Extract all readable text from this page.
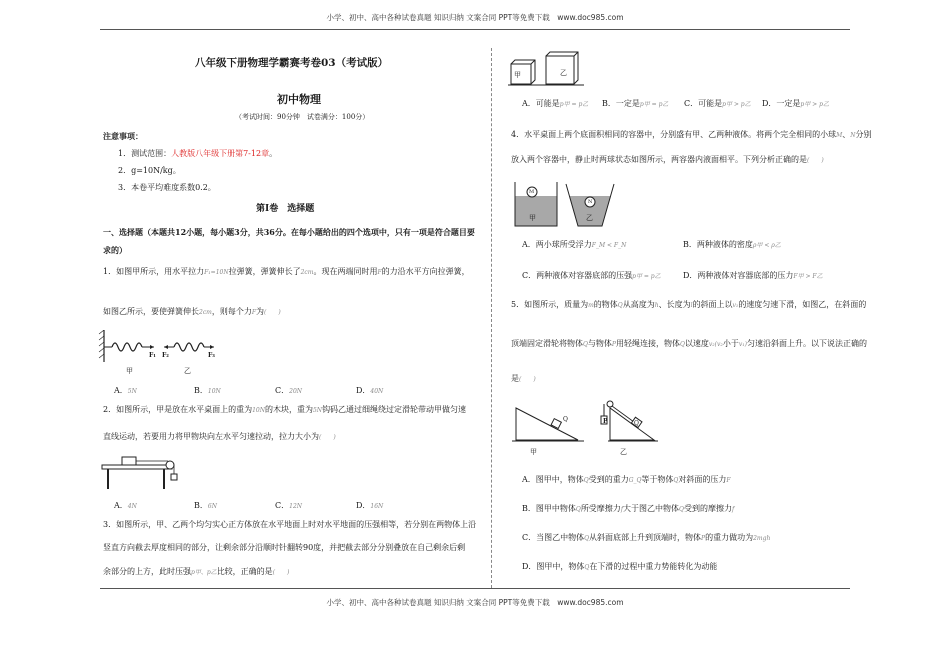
小学、初中、高中各种试卷真题 知识归纳 文案合同 PPT等免费下载　www.doc985.com
小学、初中、高中各种试卷真题 知识归纳 文案合同 PPT等免费下载　www.doc985.com
八年级下册物理学霸赛考卷03（考试版）
初中物理
（考试时间：90分钟　试卷满分：100分）
注意事项：
1．测试范围：人教版八年级下册第7-12章。
2．g=10N/kg。
3．本卷平均难度系数0.2。
第Ⅰ卷　选择题
一、选择题（本题共12小题，每小题3分，共36分。在每小题给出的四个选项中，只有一项是符合题目要
求的）
1．如图甲所示，用水平拉力F₁=10N拉弹簧，弹簧伸长了2cm。现在两端同时用F的力沿水平方向拉弹簧，
如图乙所示，要使弹簧伸长2cm，则每个力F为(　　)
F₁ F₂	F₃
甲	乙
A．5N	B．10N	C．20N	D．40N
2．如图所示，甲是放在水平桌面上的重为10N的木块，重为5N钩码乙通过细绳绕过定滑轮带动甲做匀速
直线运动，若要用力将甲物块向左水平匀速拉动，拉力大小为(　　)
A．4N	B．6N	C．12N	D．16N
3．如图所示，甲、乙两个均匀实心正方体放在水平地面上时对水平地面的压强相等，若分别在两物体上沿
竖直方向截去厚度相同的部分，让剩余部分沿顺时针翻转90度，并把截去部分分别叠放在自己剩余后剩
余部分的上方，此时压强p甲、p乙比较，正确的是(　　)
甲	乙
A．可能是p甲 = p乙 B．一定是p甲 = p乙 C．可能是p甲 > p乙 D．一定是p甲 > p乙
4．水平桌面上两个底面积相同的容器中，分别盛有甲、乙两种液体。将两个完全相同的小球M、N分别
放入两个容器中，静止时两球状态如图所示，两容器内液面相平。下列分析正确的是(　　)
M
N
甲	乙
A．两小球所受浮力F_M < F_N	B．两种液体的密度ρ甲 < ρ乙
C．两种液体对容器底部的压强p甲 = p乙	D．两种液体对容器底部的压力F甲 > F乙
5．如图所示，质量为m的物体Q从高度为h、长度为l的斜面上以v₁的速度匀速下滑，如图乙，在斜面的
顶端固定滑轮将物体Q与物体P用轻绳连接，物体Q以速度v₂(v₂小于v₁)匀速沿斜面上升。以下说法正确的
是(　　)
Q	P	Q
甲	乙
A．图甲中，物体Q受到的重力G_Q等于物体Q对斜面的压力F
B．图甲中物体Q所受摩擦力f大于图乙中物体Q受到的摩擦力f
C．当图乙中物体Q从斜面底部上升到顶端时，物体P的重力做功为2mgh
D．图甲中，物体Q在下滑的过程中重力势能转化为动能
